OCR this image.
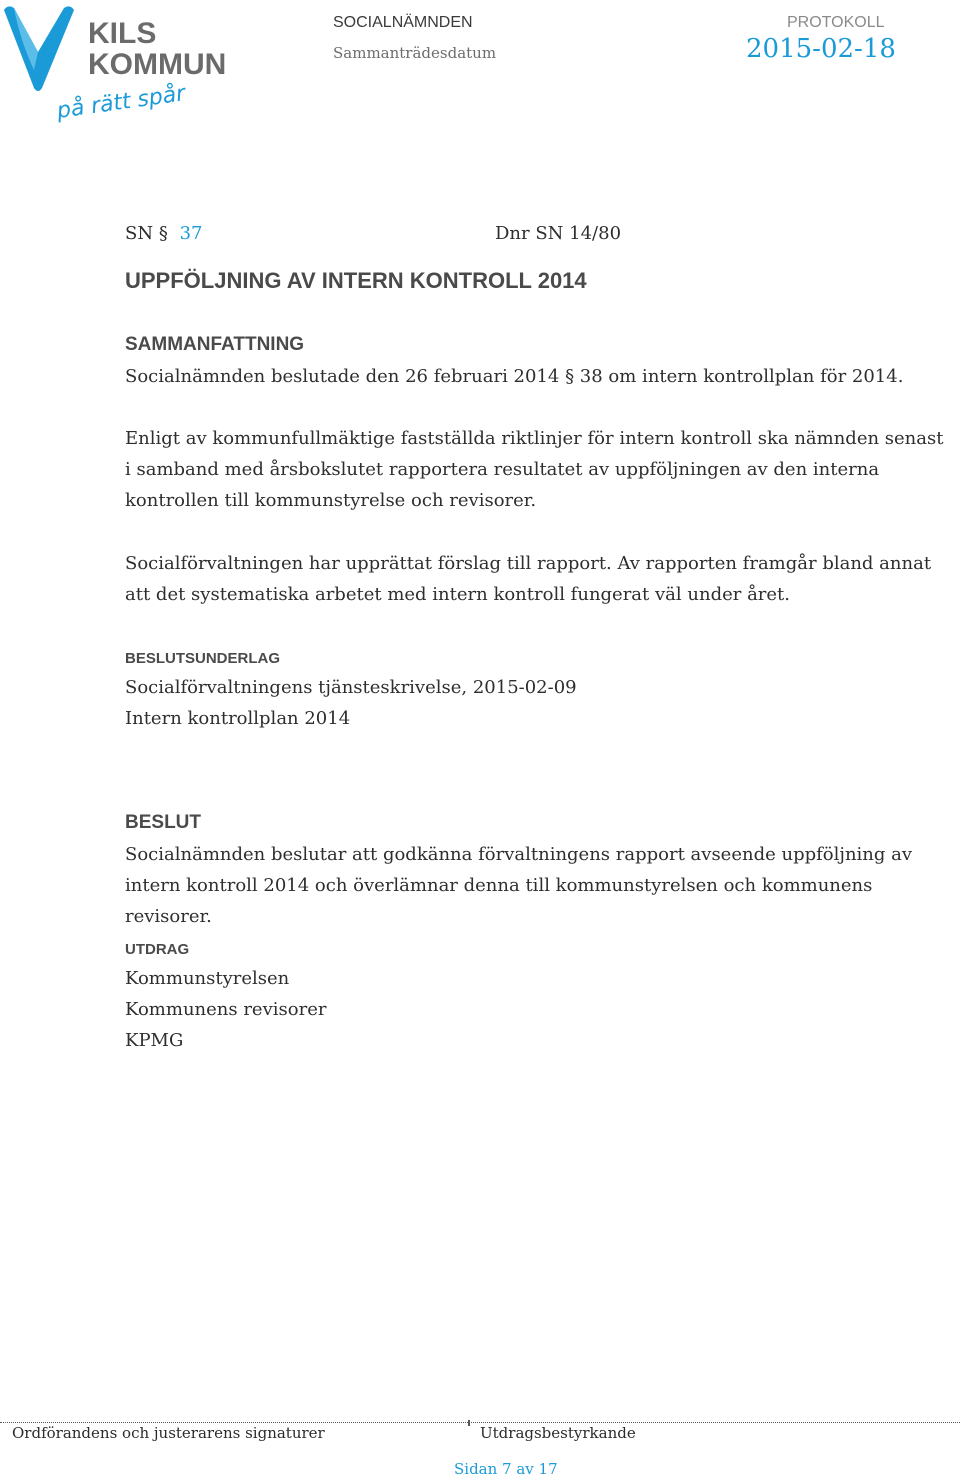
KILS
KOMMUN
på rätt spår
SOCIALNÄMNDEN
Sammanträdesdatum
PROTOKOLL
2015-02-18
SN § 37	Dnr SN 14/80
UPPFÖLJNING AV INTERN KONTROLL 2014
SAMMANFATTNING
Socialnämnden beslutade den 26 februari 2014 § 38 om intern kontrollplan för 2014.
Enligt av kommunfullmäktige fastställda riktlinjer för intern kontroll ska nämnden senast i samband med årsbokslutet rapportera resultatet av uppföljningen av den interna kontrollen till kommunstyrelse och revisorer.
Socialförvaltningen har upprättat förslag till rapport. Av rapporten framgår bland annat att det systematiska arbetet med intern kontroll fungerat väl under året.
BESLUTSUNDERLAG
Socialförvaltningens tjänsteskrivelse, 2015-02-09
Intern kontrollplan 2014
BESLUT
Socialnämnden beslutar att godkänna förvaltningens rapport avseende uppföljning av intern kontroll 2014 och överlämnar denna till kommunstyrelsen och kommunens revisorer.
UTDRAG
Kommunstyrelsen
Kommunens revisorer
KPMG
Ordförandens och justerarens signaturer	Utdragsbestyrkande
Sidan 7 av 17
